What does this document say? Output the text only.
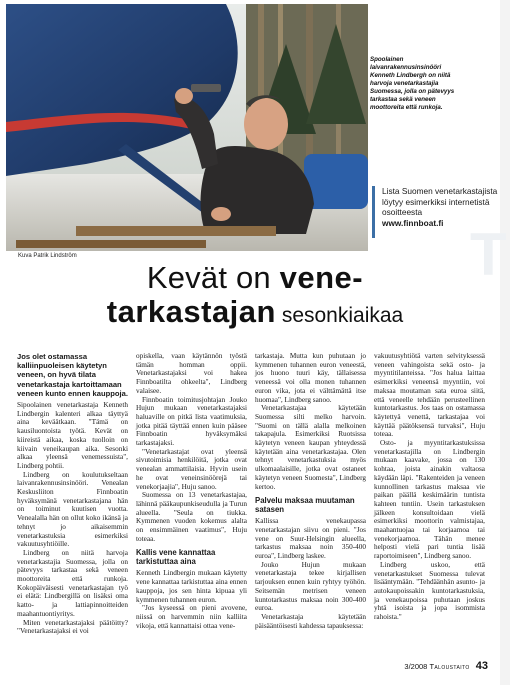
T
Spoolainen laivanrakennusinsinööri Kenneth Lindbergh on niitä harvoja venetarkastajia Suomessa, jolla on pätevyys tarkastaa sekä veneen moottoreita että runkoja.
Kuva Patrik Lindström
Lista Suomen venetarkastajista löytyy esimerkiksi internetistä osoitteesta
www.finnboat.fi
Kevät on vene-
tarkastajan sesonkiaikaa

Jos olet ostamassa kalliinpuoleisen käytetyn veneen, on hyvä tilata venetarkastaja kartoittamaan veneen kunto ennen kauppoja.

Sipoolainen venetarkastaja Kenneth Lindbergin kalenteri alkaa täyttyä aina keväätkaan. "Tämä on kausiluontoista työtä. Kevät on kiireistä aikaa, koska tuolloin on kiivain veneikaupan aika. Sesonki alkaa yleensä venemessuista", Lindberg pohtii.

Lindberg on koulutukseltaan laivanrakennusinsinööri. Venealan Keskusliiton Finnboatin hyväksymänä venetarkastajana hän on toiminut kuutisen vuotta. Venealalla hän on ollut koko ikänsä ja tehnyt jo aikaisemmin venetarkastuksia esimerkiksi vakuutusyhtiöille.

Lindberg on niitä harvoja venetarkastajia Suomessa, jolla on pätevyys tarkastaa sekä veneen moottoreita että runkoja. Kokopäiväisesti venetarkastajan työ ei elätä: Lindbergillä on lisäksi oma katto- ja lattiapinnoitteiden maahantuontiyritys.

Miten venetarkastajaksi päätöitty? "Venetarkastajaksi ei voi

opiskella, vaan käytännön työstä tämän homman oppii. Venetarkastajaksi voi hakea Finnboatilta ohkeelta", Lindberg valaisee.

Finnboatin toimitusjohtajan Jouko Hujun mukaan venetarkastajaksi haluaville on pitkä lista vaatimuksia, jotka pitää täyttää ennen kuin pääsee Finnboatin hyväksymäksi tarkastajaksi.

"Venetarkastajat ovat yleensä sivutoimisia henkilöitä, jotka ovat venealan ammattilaisia. Hyvin usein he ovat veneinsinöörejä tai venekorjaajia", Huju sanoo.

Suomessa on 13 venetarkastajaa, lähinnä pääkaupunkiseudulla ja Turun alueella. "Seula on tiukka. Kymmenen vuoden kokemus alalta on ensimmäinen vaatimus", Huju toteaa.

Kallis vene kannattaa tarkistuttaa aina

Kenneth Lindbergin mukaan käytetty vene kannattaa tarkistuttaa aina ennen kauppoja, jos sen hinta kipuaa yli kymmenen tuhannen euron.

"Jos kyseessä on pieni avovene, niissä on harvemmin niin kalliita vikoja, että kannattaisi ottaa vene-

tarkastaja. Mutta kun puhutaan jo kymmenen tuhannen euron veneestä, jos huono tuuri käy, tällaisessa veneessä voi olla monen tuhannen euron vika, jota ei välttämättä itse huomaa", Lindberg sanoo.

Venetarkastajaa käytetään Suomessa silti melko harvoin. "Suomi on tällä alalla melkoinen takapajula. Esimerkiksi Ruotsissa käytetyn veneen kaupan yhteydessä käytetään aina venetarkastajaa. Olen tehnyt venetarkastuksia myös ulkomaalaisille, jotka ovat ostaneet käytetyn veneen Suomesta", Lindberg kertoo.

Palvelu maksaa muutaman satasen

Kallissa venekaupassa venetarkastajan siivu on pieni. "Jos vene on Suur-Helsingin alueella, tarkastus maksaa noin 350-400 euroa", Lindberg laskee.

Jouko Hujun mukaan venetarkastaja tekee kirjallisen tarjouksen ennen kuin ryhtyy työhön. Seitsemän metrisen veneen kuntotarkastus maksaa noin 300-400 euroa.

Venetarkastaja käytetään päisääntöisesti kahdessa tapauksessa:

vakuutusyhtiötä varten selvityksessä veneen vahingoista sekä osto- ja myyntitilanteissa. "Jos halua laittaa esimerkiksi veneensä myyntiin, voi maksaa moutaman sata euroa siitä, että veneelle tehdään perusteellinen kuntotarkastus. Jos taas on ostamassa käytettyä venettä, tarkastajaa voi käyttää päätöksensä turvaksi", Huju toteaa.

Osto- ja myyntitarkastuksissa venetarkastajilla on Lindbergin mukaan kaavake, jossa on 130 kohtaa, joista ainakin valtaosa käydään läpi. "Rakenteiden ja veneen kunnollinen tarkastus maksaa vie paikan päällä keskimäärin tuntista kahteen tuntiin. Usein tarkastuksen jälkeen konsultoidaan vielä esimerkiksi moottorin valmistajaa, maahantuojaa tai korjaamoa tai venekorjaamoa. Tähän menee helposti vielä pari tuntia lisää raportoimiseen", Lindberg sanoo.

Lindberg uskoo, että venetarkastukset Suomessa tulevat lisääntymään. "Tehdäänhän asunto- ja autokaupoissakin kuntotarkastuksia, ja venekaupoissa puhutaan joskus yhtä isoista ja jopa isommista rahoista."

3/2008 Taloustaito 43
